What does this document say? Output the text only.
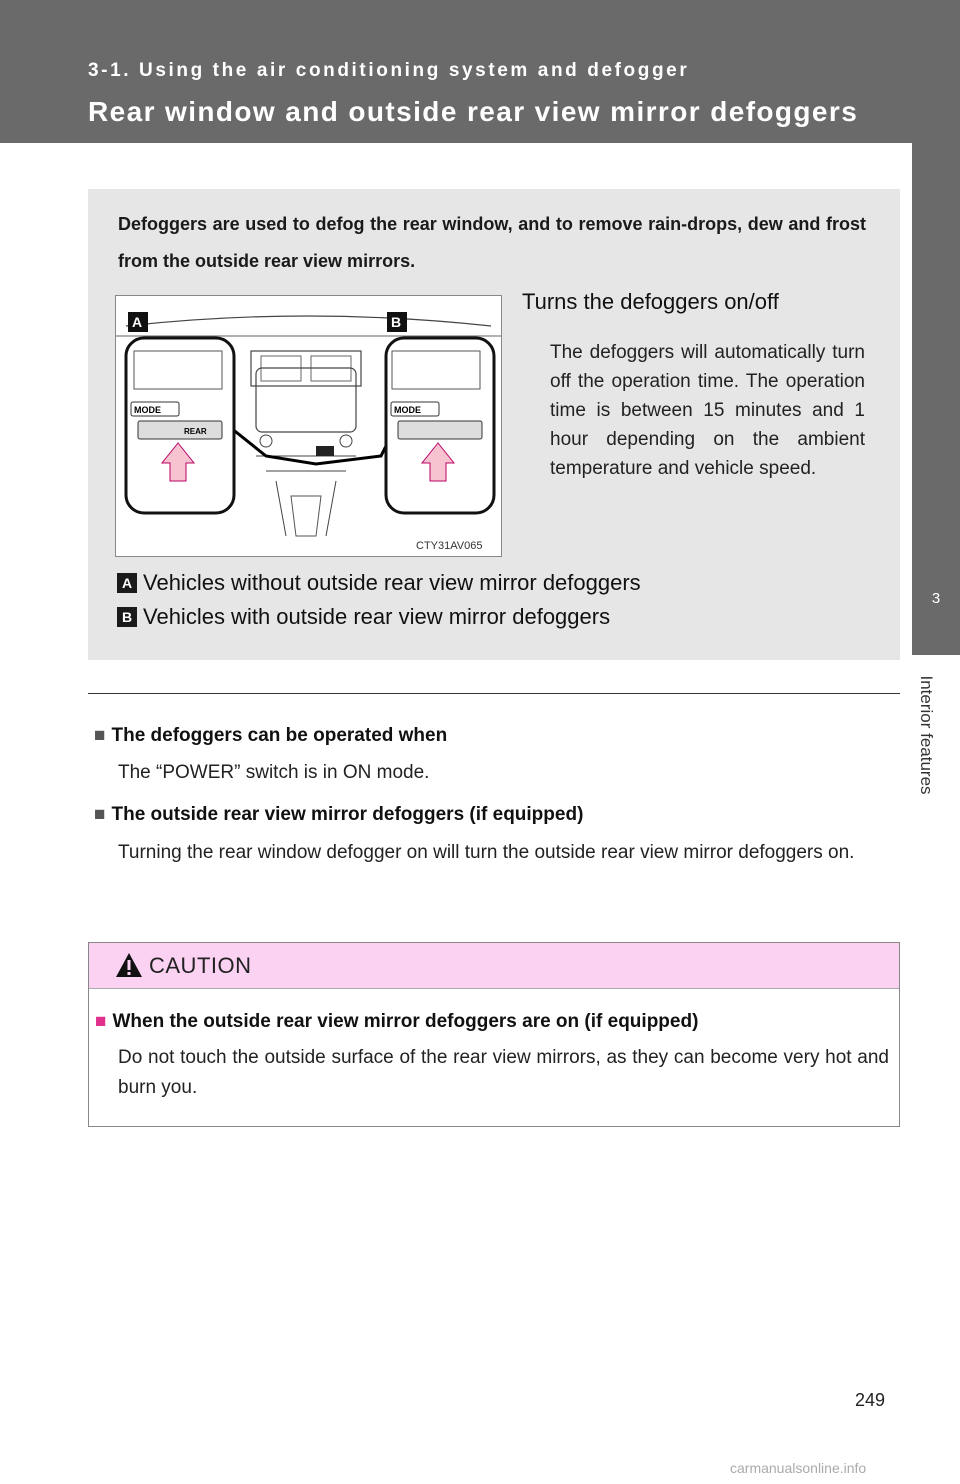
3-1. Using the air conditioning system and defogger
Rear window and outside rear view mirror defoggers
3
Interior features
Defoggers are used to defog the rear window, and to remove rain-drops, dew and frost from the outside rear view mirrors.
MODE
REAR
MODE
A	B
CTY31AV065
Turns the defoggers on/off
The defoggers will automatically turn off the operation time. The operation time is between 15 minutes and 1 hour depending on the ambient temperature and vehicle speed.
A Vehicles without outside rear view mirror defoggers
B Vehicles with outside rear view mirror defoggers
■ The defoggers can be operated when
The “POWER” switch is in ON mode.
■ The outside rear view mirror defoggers (if equipped)
Turning the rear window defogger on will turn the outside rear view mirror defoggers on.
CAUTION
■ When the outside rear view mirror defoggers are on (if equipped)
Do not touch the outside surface of the rear view mirrors, as they can become very hot and burn you.
249
carmanualsonline.info
